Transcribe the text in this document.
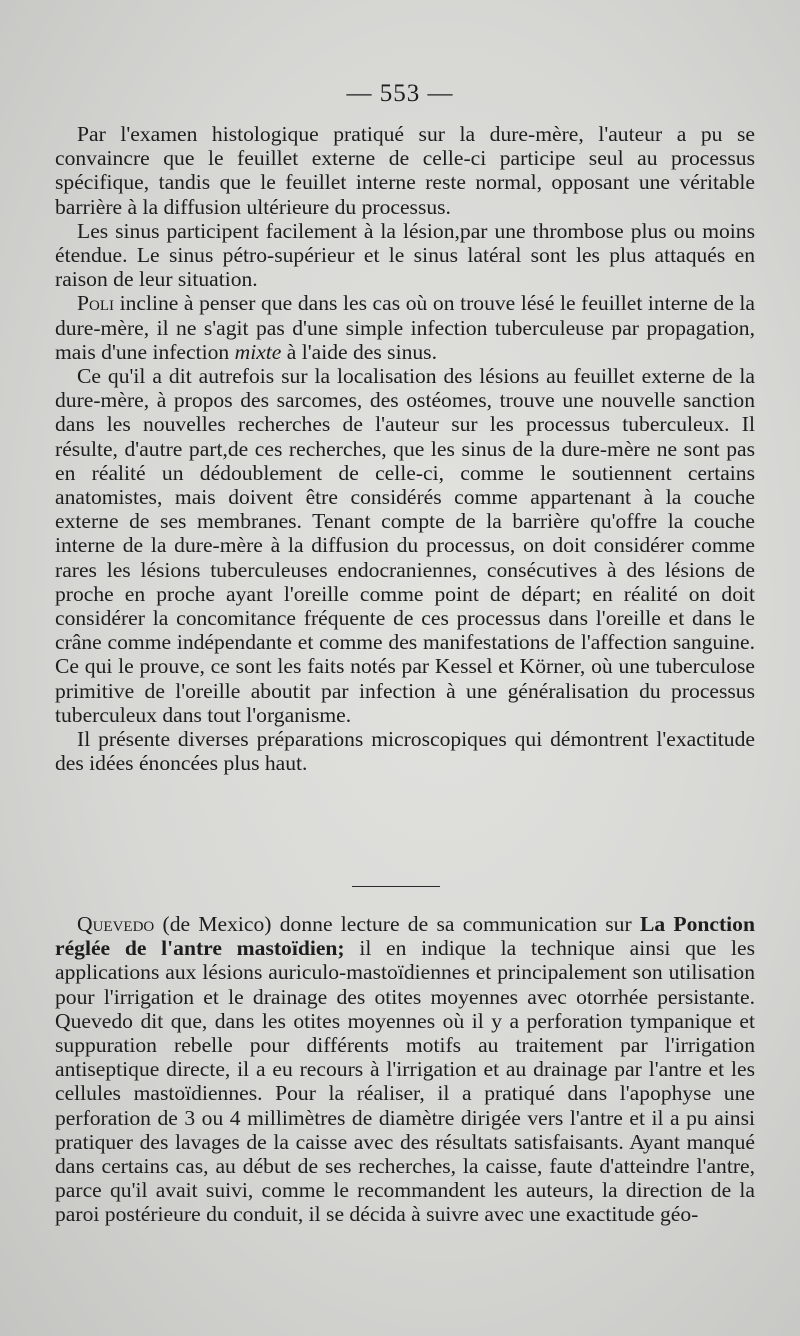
— 553 —

Par l'examen histologique pratiqué sur la dure-mère, l'auteur a pu se convaincre que le feuillet externe de celle-ci participe seul au processus spécifique, tandis que le feuillet interne reste normal, opposant une véritable barrière à la diffusion ultérieure du processus.

Les sinus participent facilement à la lésion,par une thrombose plus ou moins étendue. Le sinus pétro-supérieur et le sinus latéral sont les plus attaqués en raison de leur situation.

Poli incline à penser que dans les cas où on trouve lésé le feuillet interne de la dure-mère, il ne s'agit pas d'une simple infection tuberculeuse par propagation, mais d'une infection mixte à l'aide des sinus.

Ce qu'il a dit autrefois sur la localisation des lésions au feuillet externe de la dure-mère, à propos des sarcomes, des ostéomes, trouve une nouvelle sanction dans les nouvelles recherches de l'auteur sur les processus tuberculeux. Il résulte, d'autre part,de ces recherches, que les sinus de la dure-mère ne sont pas en réalité un dédoublement de celle-ci, comme le soutiennent certains anatomistes, mais doivent être considérés comme appartenant à la couche externe de ses membranes. Tenant compte de la barrière qu'offre la couche interne de la dure-mère à la diffusion du processus, on doit considérer comme rares les lésions tuberculeuses endocraniennes, consécutives à des lésions de proche en proche ayant l'oreille comme point de départ; en réalité on doit considérer la concomitance fréquente de ces processus dans l'oreille et dans le crâne comme indépendante et comme des manifestations de l'affection sanguine. Ce qui le prouve, ce sont les faits notés par Kessel et Körner, où une tuberculose primitive de l'oreille aboutit par infection à une généralisation du processus tuberculeux dans tout l'organisme.

Il présente diverses préparations microscopiques qui démontrent l'exactitude des idées énoncées plus haut.

Quevedo (de Mexico) donne lecture de sa communication sur La Ponction réglée de l'antre mastoïdien; il en indique la technique ainsi que les applications aux lésions auriculo-mastoïdiennes et principalement son utilisation pour l'irrigation et le drainage des otites moyennes avec otorrhée persistante. Quevedo dit que, dans les otites moyennes où il y a perforation tympanique et suppuration rebelle pour différents motifs au traitement par l'irrigation antiseptique directe, il a eu recours à l'irrigation et au drainage par l'antre et les cellules mastoïdiennes. Pour la réaliser, il a pratiqué dans l'apophyse une perforation de 3 ou 4 millimètres de diamètre dirigée vers l'antre et il a pu ainsi pratiquer des lavages de la caisse avec des résultats satisfaisants. Ayant manqué dans certains cas, au début de ses recherches, la caisse, faute d'atteindre l'antre, parce qu'il avait suivi, comme le recommandent les auteurs, la direction de la paroi postérieure du conduit, il se décida à suivre avec une exactitude géo-
